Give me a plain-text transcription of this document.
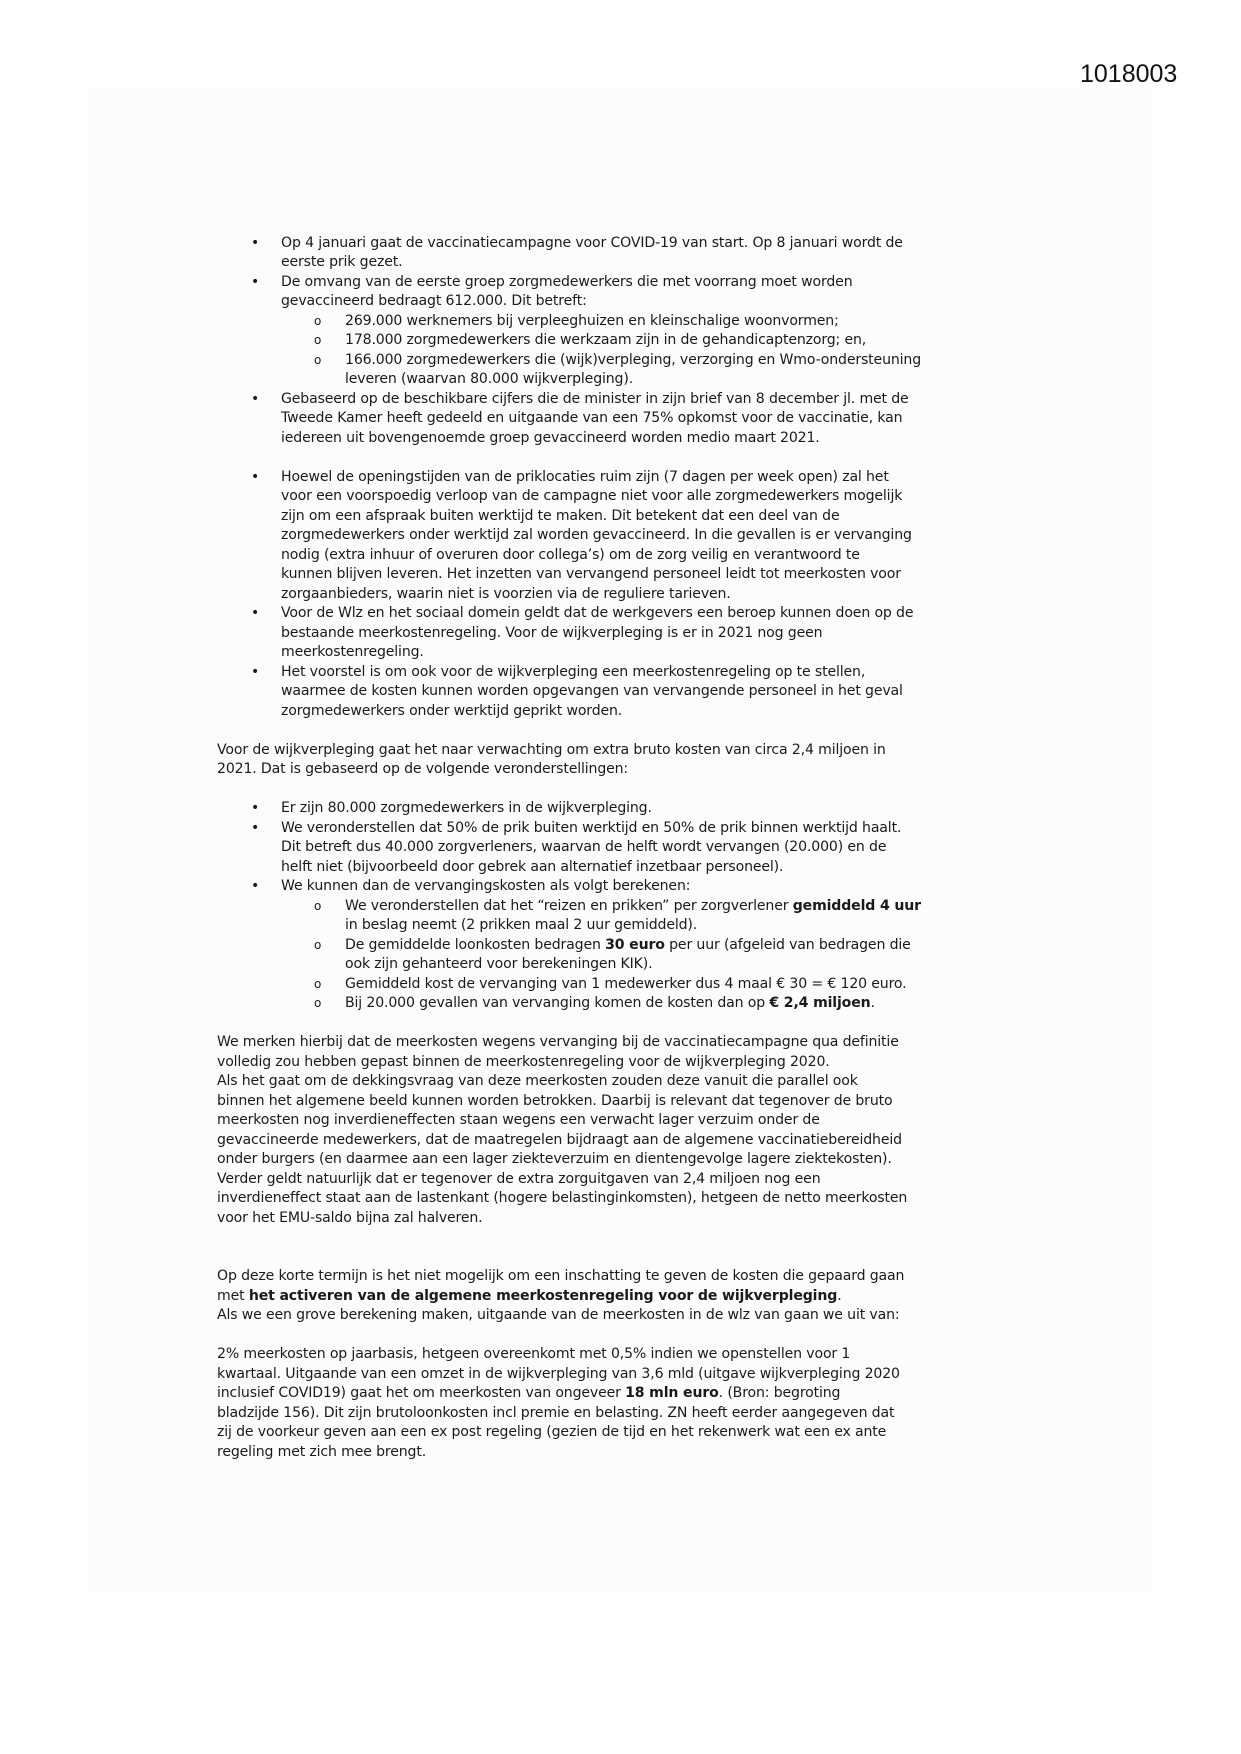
1018003
• Op 4 januari gaat de vaccinatiecampagne voor COVID-19 van start. Op 8 januari wordt de
eerste prik gezet.
• De omvang van de eerste groep zorgmedewerkers die met voorrang moet worden
gevaccineerd bedraagt 612.000. Dit betreft:
o 269.000 werknemers bij verpleeghuizen en kleinschalige woonvormen;
o 178.000 zorgmedewerkers die werkzaam zijn in de gehandicaptenzorg; en,
o 166.000 zorgmedewerkers die (wijk)verpleging, verzorging en Wmo-ondersteuning
leveren (waarvan 80.000 wijkverpleging).
• Gebaseerd op de beschikbare cijfers die de minister in zijn brief van 8 december jl. met de
Tweede Kamer heeft gedeeld en uitgaande van een 75% opkomst voor de vaccinatie, kan
iedereen uit bovengenoemde groep gevaccineerd worden medio maart 2021.
• Hoewel de openingstijden van de priklocaties ruim zijn (7 dagen per week open) zal het
voor een voorspoedig verloop van de campagne niet voor alle zorgmedewerkers mogelijk
zijn om een afspraak buiten werktijd te maken. Dit betekent dat een deel van de
zorgmedewerkers onder werktijd zal worden gevaccineerd. In die gevallen is er vervanging
nodig (extra inhuur of overuren door collega’s) om de zorg veilig en verantwoord te
kunnen blijven leveren. Het inzetten van vervangend personeel leidt tot meerkosten voor
zorgaanbieders, waarin niet is voorzien via de reguliere tarieven.
• Voor de Wlz en het sociaal domein geldt dat de werkgevers een beroep kunnen doen op de
bestaande meerkostenregeling. Voor de wijkverpleging is er in 2021 nog geen
meerkostenregeling.
• Het voorstel is om ook voor de wijkverpleging een meerkostenregeling op te stellen,
waarmee de kosten kunnen worden opgevangen van vervangende personeel in het geval
zorgmedewerkers onder werktijd geprikt worden.
Voor de wijkverpleging gaat het naar verwachting om extra bruto kosten van circa 2,4 miljoen in
2021. Dat is gebaseerd op de volgende veronderstellingen:
• Er zijn 80.000 zorgmedewerkers in de wijkverpleging.
• We veronderstellen dat 50% de prik buiten werktijd en 50% de prik binnen werktijd haalt.
Dit betreft dus 40.000 zorgverleners, waarvan de helft wordt vervangen (20.000) en de
helft niet (bijvoorbeeld door gebrek aan alternatief inzetbaar personeel).
• We kunnen dan de vervangingskosten als volgt berekenen:
o We veronderstellen dat het “reizen en prikken” per zorgverlener gemiddeld 4 uur
in beslag neemt (2 prikken maal 2 uur gemiddeld).
o De gemiddelde loonkosten bedragen 30 euro per uur (afgeleid van bedragen die
ook zijn gehanteerd voor berekeningen KIK).
o Gemiddeld kost de vervanging van 1 medewerker dus 4 maal € 30 = € 120 euro.
o Bij 20.000 gevallen van vervanging komen de kosten dan op € 2,4 miljoen.
We merken hierbij dat de meerkosten wegens vervanging bij de vaccinatiecampagne qua definitie
volledig zou hebben gepast binnen de meerkostenregeling voor de wijkverpleging 2020.
Als het gaat om de dekkingsvraag van deze meerkosten zouden deze vanuit die parallel ook
binnen het algemene beeld kunnen worden betrokken. Daarbij is relevant dat tegenover de bruto
meerkosten nog inverdieneffecten staan wegens een verwacht lager verzuim onder de
gevaccineerde medewerkers, dat de maatregelen bijdraagt aan de algemene vaccinatiebereidheid
onder burgers (en daarmee aan een lager ziekteverzuim en dientengevolge lagere ziektekosten).
Verder geldt natuurlijk dat er tegenover de extra zorguitgaven van 2,4 miljoen nog een
inverdieneffect staat aan de lastenkant (hogere belastinginkomsten), hetgeen de netto meerkosten
voor het EMU-saldo bijna zal halveren.
Op deze korte termijn is het niet mogelijk om een inschatting te geven de kosten die gepaard gaan
met het activeren van de algemene meerkostenregeling voor de wijkverpleging.
Als we een grove berekening maken, uitgaande van de meerkosten in de wlz van gaan we uit van:
2% meerkosten op jaarbasis, hetgeen overeenkomt met 0,5% indien we openstellen voor 1
kwartaal. Uitgaande van een omzet in de wijkverpleging van 3,6 mld (uitgave wijkverpleging 2020
inclusief COVID19) gaat het om meerkosten van ongeveer 18 mln euro. (Bron: begroting
bladzijde 156). Dit zijn brutoloonkosten incl premie en belasting. ZN heeft eerder aangegeven dat
zij de voorkeur geven aan een ex post regeling (gezien de tijd en het rekenwerk wat een ex ante
regeling met zich mee brengt.
